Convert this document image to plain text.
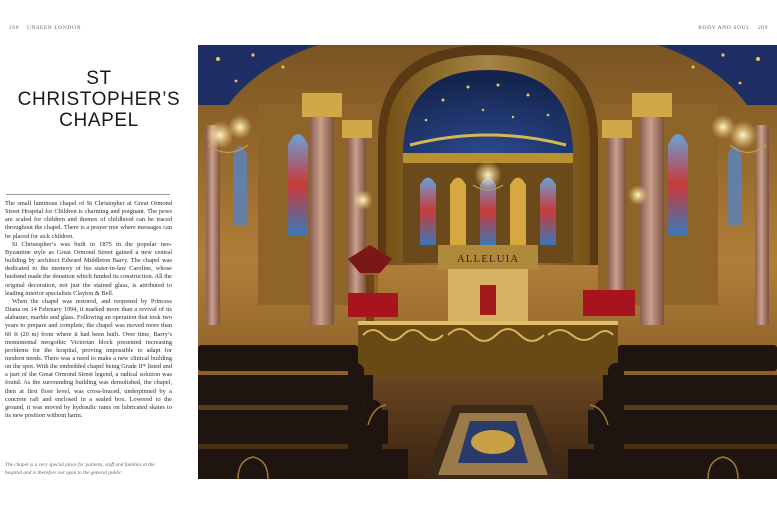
208 UNSEEN LONDON	BODY AND SOUL 209
ST
CHRISTOPHER’S
CHAPEL

The small luminous chapel of St Christopher at Great Ormond Street Hospital for Children is charming and poignant. The pews are scaled for children and themes of childhood can be traced throughout the chapel. There is a prayer tree where messages can be placed for sick children.

St Christopher’s was built in 1875 in the popular neo-Byzantine style as Great Ormond Street gained a new central building by architect Edward Middleton Barry. The chapel was dedicated to the memory of his sister-in-law Caroline, whose husband made the donation which funded its construction. All the original decoration, not just the stained glass, is attributed to leading interior specialists Clayton & Bell.

When the chapel was restored, and reopened by Princess Diana on 14 February 1994, it marked more than a revival of its alabaster, marble and glass. Following an operation that took two years to prepare and complete, the chapel was moved more than 60 ft (20 m) from where it had been built. Over time, Barry’s monumental neogothic Victorian block presented increasing problems for the hospital, proving impossible to adapt for modern needs. There was a need to make a new clinical building on the spot. With the embedded chapel being Grade II* listed and a part of the Great Ormond Street legend, a radical solution was found. As the surrounding building was demolished, the chapel, then at first floor level, was cross-braced, underpinned by a concrete raft and enclosed in a sealed box. Lowered to the ground, it was moved by hydraulic rams on lubricated skates to its new position without harm.

The chapel is a very special place for patients, staff and families at the hospital and is therefore not open to the general public.
ALLELUIA
